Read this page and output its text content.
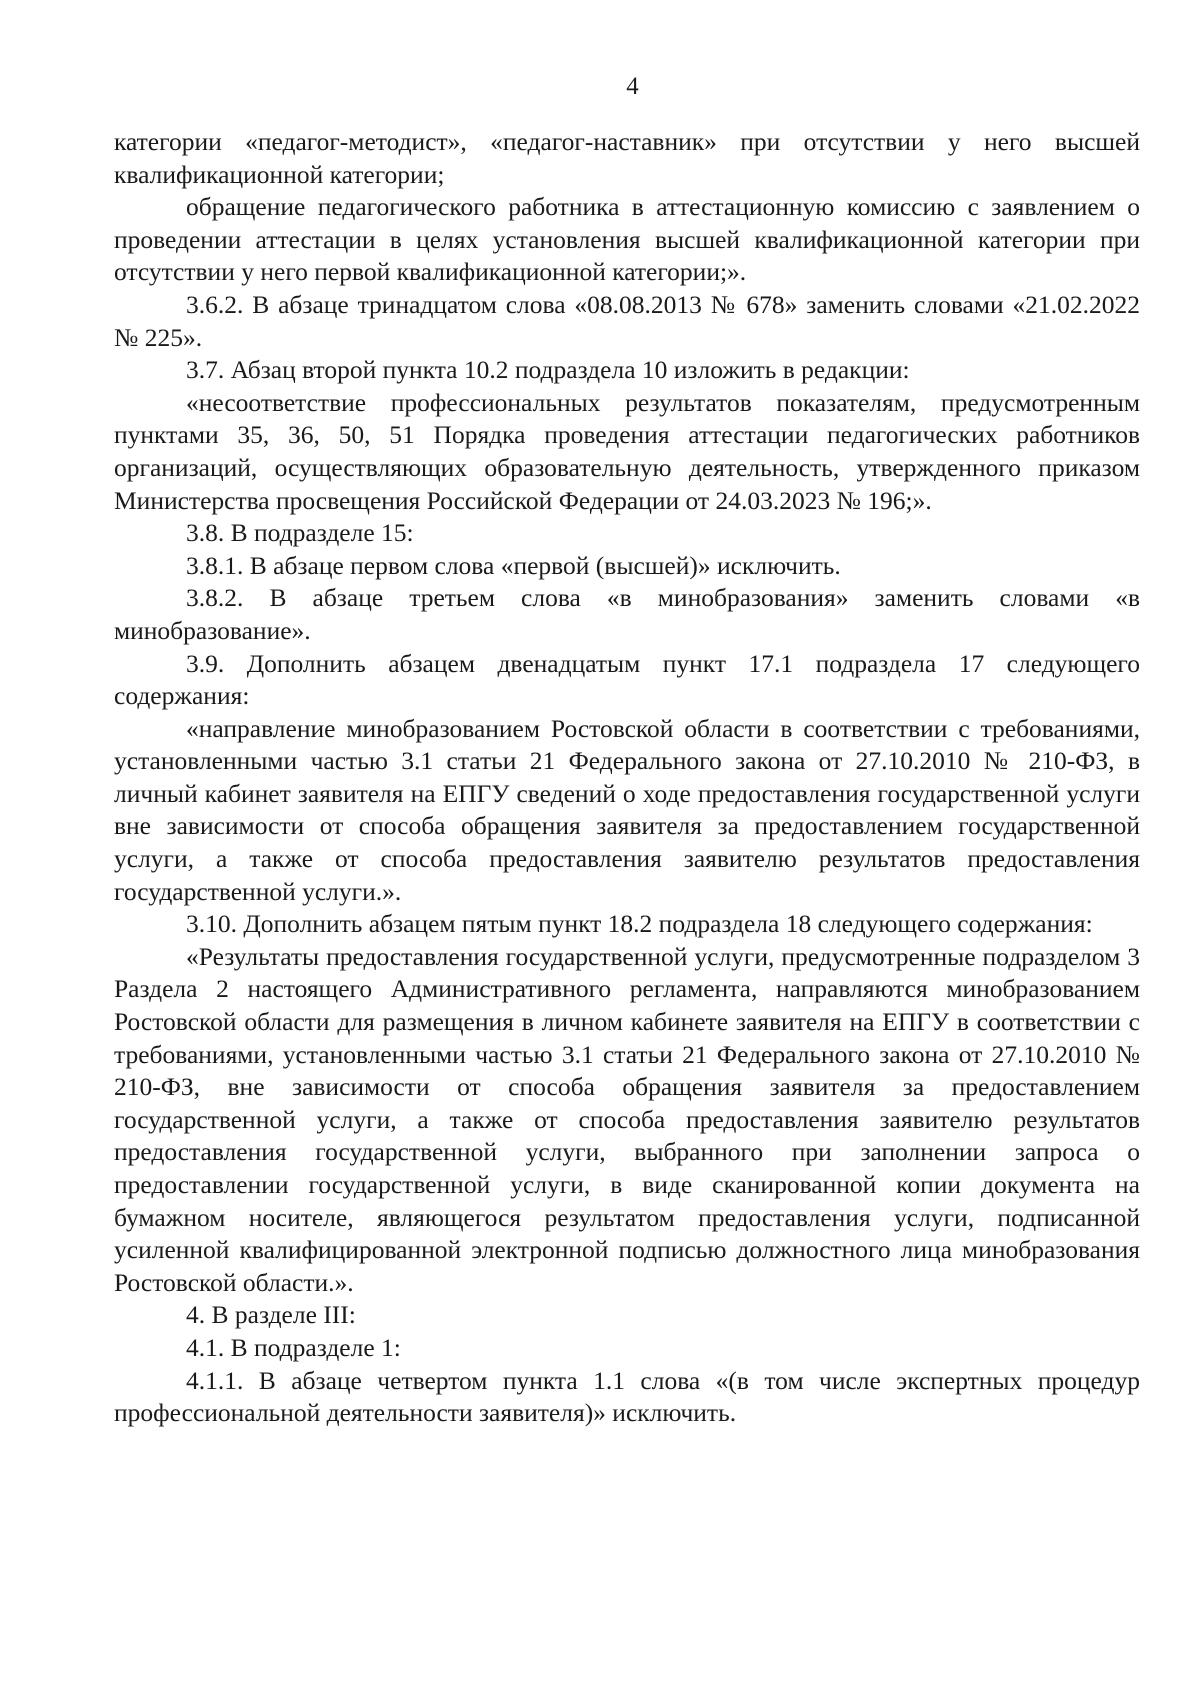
4

категории «педагог-методист», «педагог-наставник» при отсутствии у него высшей квалификационной категории;

обращение педагогического работника в аттестационную комиссию с заявлением о проведении аттестации в целях установления высшей квалификационной категории при отсутствии у него первой квалификационной категории;».

3.6.2. В абзаце тринадцатом слова «08.08.2013 № 678» заменить словами «21.02.2022 № 225».

3.7. Абзац второй пункта 10.2 подраздела 10 изложить в редакции:

«несоответствие профессиональных результатов показателям, предусмотренным пунктами 35, 36, 50, 51 Порядка проведения аттестации педагогических работников организаций, осуществляющих образовательную деятельность, утвержденного приказом Министерства просвещения Российской Федерации от 24.03.2023 № 196;».

3.8. В подразделе 15:

3.8.1. В абзаце первом слова «первой (высшей)» исключить.

3.8.2. В абзаце третьем слова «в минобразования» заменить словами «в минобразование».

3.9. Дополнить абзацем двенадцатым пункт 17.1 подраздела 17 следующего содержания:

«направление минобразованием Ростовской области в соответствии с требованиями, установленными частью 3.1 статьи 21 Федерального закона от 27.10.2010 № 210-ФЗ, в личный кабинет заявителя на ЕПГУ сведений о ходе предоставления государственной услуги вне зависимости от способа обращения заявителя за предоставлением государственной услуги, а также от способа предоставления заявителю результатов предоставления государственной услуги.».

3.10. Дополнить абзацем пятым пункт 18.2 подраздела 18 следующего содержания:

«Результаты предоставления государственной услуги, предусмотренные подразделом 3 Раздела 2 настоящего Административного регламента, направляются минобразованием Ростовской области для размещения в личном кабинете заявителя на ЕПГУ в соответствии с требованиями, установленными частью 3.1 статьи 21 Федерального закона от 27.10.2010 № 210-ФЗ, вне зависимости от способа обращения заявителя за предоставлением государственной услуги, а также от способа предоставления заявителю результатов предоставления государственной услуги, выбранного при заполнении запроса о предоставлении государственной услуги, в виде сканированной копии документа на бумажном носителе, являющегося результатом предоставления услуги, подписанной усиленной квалифицированной электронной подписью должностного лица минобразования Ростовской области.».

4. В разделе III:

4.1. В подразделе 1:

4.1.1. В абзаце четвертом пункта 1.1 слова «(в том числе экспертных процедур профессиональной деятельности заявителя)» исключить.
